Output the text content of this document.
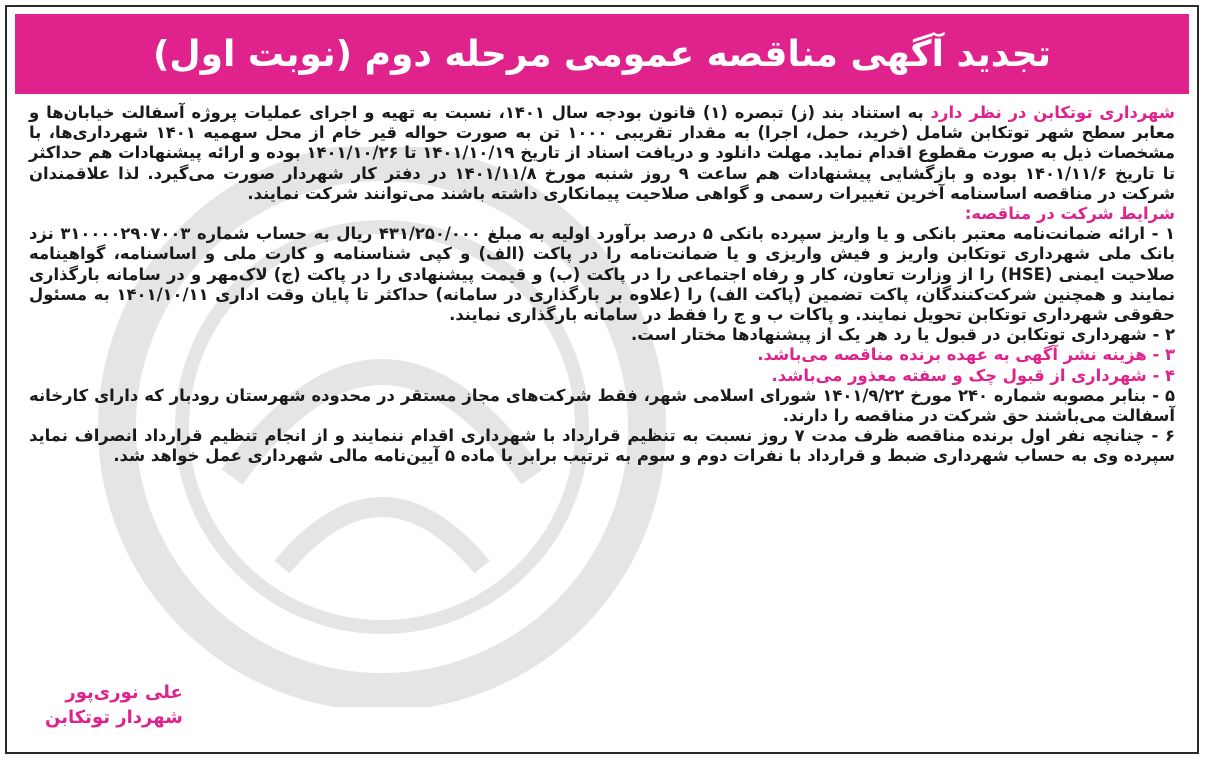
تجدید آگهی مناقصه عمومی مرحله دوم (نوبت اول)

شهرداری توتکابن در نظر دارد به استناد بند (ز) تبصره (۱) قانون بودجه سال ۱۴۰۱، نسبت به تهیه و اجرای عملیات پروژه آسفالت خیابان‌ها و معابر سطح شهر توتکابن شامل (خرید، حمل، اجرا) به مقدار تقریبی ۱۰۰۰ تن به صورت حواله قیر خام از محل سهمیه ۱۴۰۱ شهرداری‌ها، با مشخصات ذیل به صورت مقطوع اقدام نماید. مهلت دانلود و دریافت اسناد از تاریخ ۱۴۰۱/۱۰/۱۹ تا ۱۴۰۱/۱۰/۲۶ بوده و ارائه پیشنهادات هم حداکثر تا تاریخ ۱۴۰۱/۱۱/۶ بوده و بازگشایی پیشنهادات هم ساعت ۹ روز شنبه مورخ ۱۴۰۱/۱۱/۸ در دفتر کار شهردار صورت می‌گیرد. لذا علاقمندان شرکت در مناقصه اساسنامه آخرین تغییرات رسمی و گواهی صلاحیت پیمانکاری داشته باشند می‌توانند شرکت نمایند.

شرایط شرکت در مناقصه:

۱ - ارائه ضمانت‌نامه معتبر بانکی و یا واریز سپرده بانکی ۵ درصد برآورد اولیه به مبلغ ۴۳۱/۲۵۰/۰۰۰ ریال به حساب شماره ۳۱۰۰۰۰۲۹۰۷۰۰۳ نزد بانک ملی شهرداری توتکابن واریز و فیش واریزی و یا ضمانت‌نامه را در پاکت (الف) و کپی شناسنامه و کارت ملی و اساسنامه، گواهینامه صلاحیت ایمنی (HSE) را از وزارت تعاون، کار و رفاه اجتماعی را در پاکت (ب) و قیمت پیشنهادی را در پاکت (ج) لاک‌مهر و در سامانه بارگذاری نمایند و همچنین شرکت‌کنندگان، پاکت تضمین (پاکت الف) را (علاوه بر بارگذاری در سامانه) حداکثر تا پایان وقت اداری ۱۴۰۱/۱۰/۱۱ به مسئول حقوقی شهرداری توتکابن تحویل نمایند. و پاکات ب و ج را فقط در سامانه بارگذاری نمایند.

۲ - شهرداری توتکابن در قبول یا رد هر یک از پیشنهادها مختار است.

۳ - هزینه نشر آگهی به عهده برنده مناقصه می‌باشد.

۴ - شهرداری از قبول چک و سفته معذور می‌باشد.

۵ - بنابر مصوبه شماره ۲۴۰ مورخ ۱۴۰۱/۹/۲۲ شورای اسلامی شهر، فقط شرکت‌های مجاز مستقر در محدوده شهرستان رودبار که دارای کارخانه آسفالت می‌باشند حق شرکت در مناقصه را دارند.

۶ - چنانچه نفر اول برنده مناقصه ظرف مدت ۷ روز نسبت به تنظیم قرارداد با شهرداری اقدام ننمایند و از انجام تنظیم قرارداد انصراف نماید سپرده وی به حساب شهرداری ضبط و قرارداد با نفرات دوم و سوم به ترتیب برابر با ماده ۵ آیین‌نامه مالی شهرداری عمل خواهد شد.

علی نوری‌پور
شهردار توتکابن
